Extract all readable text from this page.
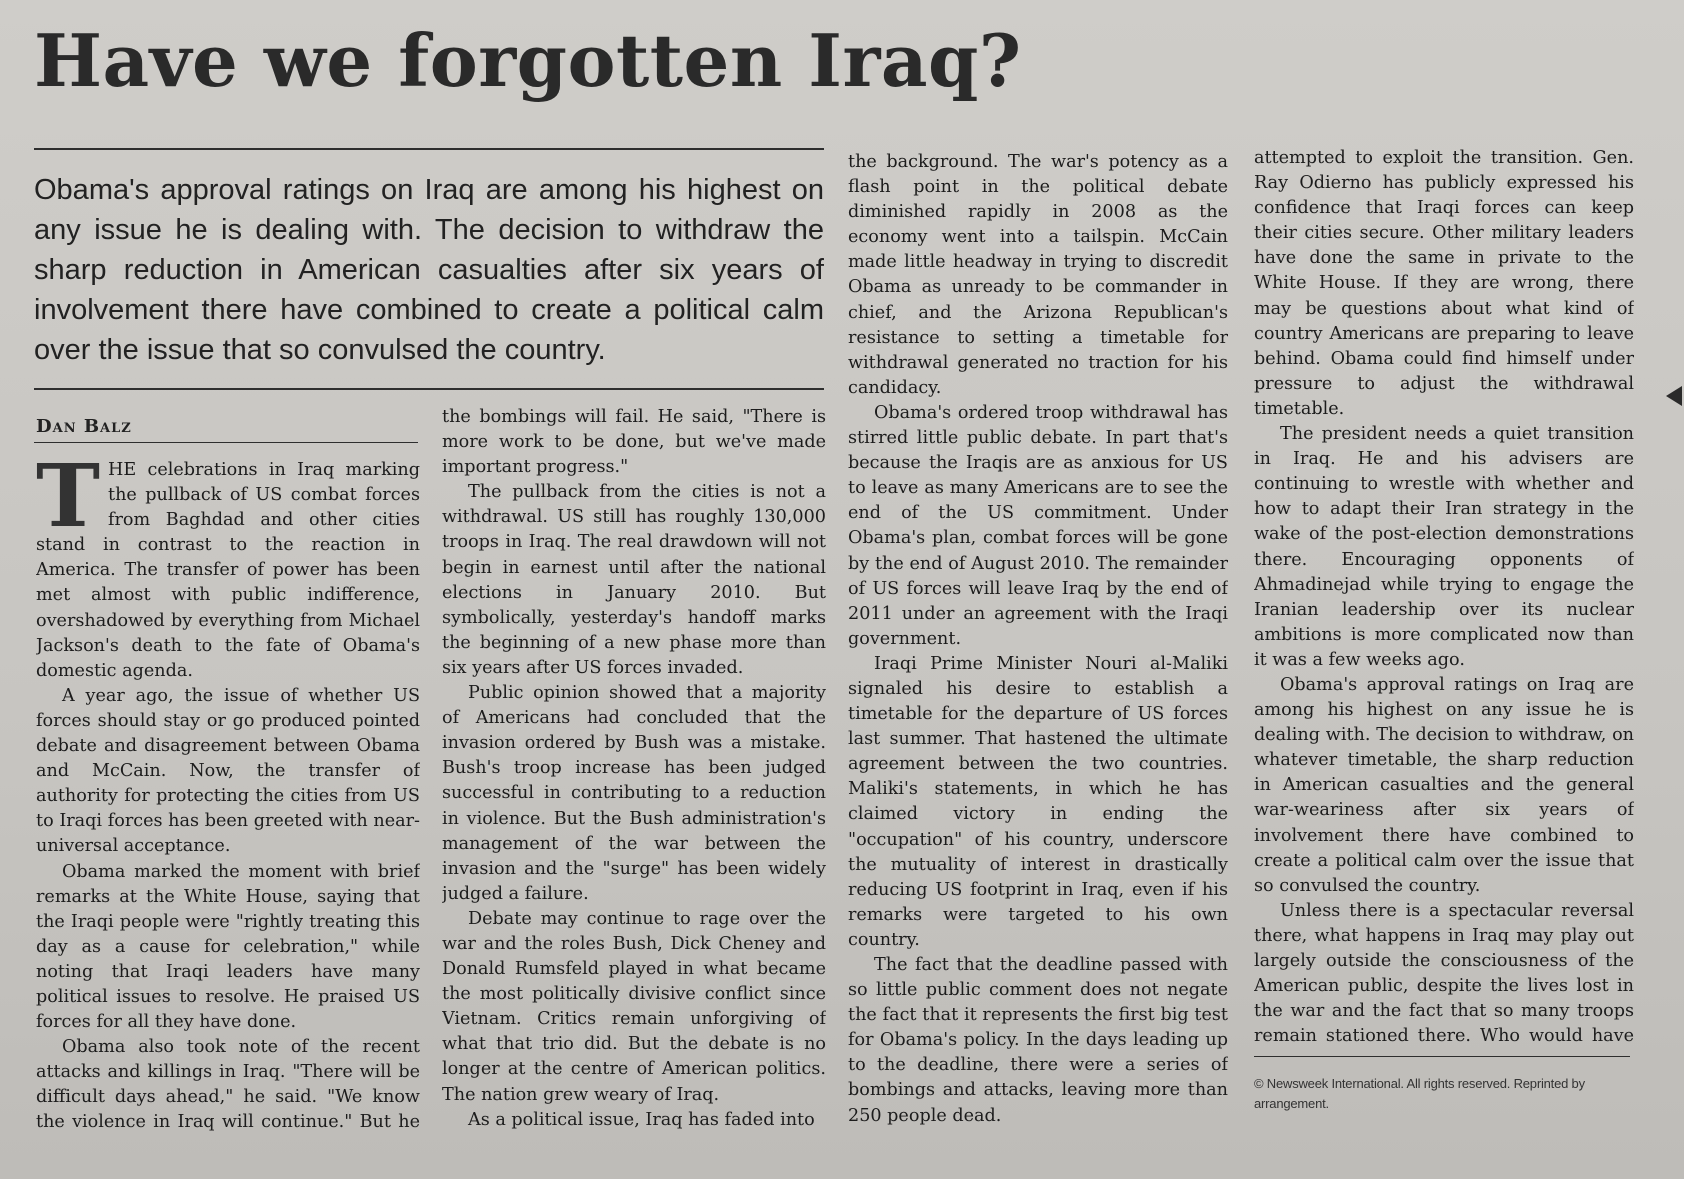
Have we forgotten Iraq?

Obama's approval ratings on Iraq are among his highest on any issue he is dealing with. The decision to withdraw the sharp reduction in American casualties after six years of involvement there have combined to create a political calm over the issue that so convulsed the country.

Dan Balz

THE celebrations in Iraq marking the pullback of US combat forces from Baghdad and other cities stand in contrast to the reaction in America. The transfer of power has been met almost with public indifference, overshadowed by everything from Michael Jackson's death to the fate of Obama's domestic agenda.

A year ago, the issue of whether US forces should stay or go produced pointed debate and disagreement between Obama and McCain. Now, the transfer of authority for protecting the cities from US to Iraqi forces has been greeted with near-universal acceptance.

Obama marked the moment with brief remarks at the White House, saying that the Iraqi people were "rightly treating this day as a cause for celebration," while noting that Iraqi leaders have many political issues to resolve. He praised US forces for all they have done.

Obama also took note of the recent attacks and killings in Iraq. "There will be difficult days ahead," he said. "We know the violence in Iraq will continue." But he

the bombings will fail. He said, "There is more work to be done, but we've made important progress."

The pullback from the cities is not a withdrawal. US still has roughly 130,000 troops in Iraq. The real drawdown will not begin in earnest until after the national elections in January 2010. But symbolically, yesterday's handoff marks the beginning of a new phase more than six years after US forces invaded.

Public opinion showed that a majority of Americans had concluded that the invasion ordered by Bush was a mistake. Bush's troop increase has been judged successful in contributing to a reduction in violence. But the Bush administration's management of the war between the invasion and the "surge" has been widely judged a failure.

Debate may continue to rage over the war and the roles Bush, Dick Cheney and Donald Rumsfeld played in what became the most politically divisive conflict since Vietnam. Critics remain unforgiving of what that trio did. But the debate is no longer at the centre of American politics. The nation grew weary of Iraq.

As a political issue, Iraq has faded into

the background. The war's potency as a flash point in the political debate diminished rapidly in 2008 as the economy went into a tailspin. McCain made little headway in trying to discredit Obama as unready to be commander in chief, and the Arizona Republican's resistance to setting a timetable for withdrawal generated no traction for his candidacy.

Obama's ordered troop withdrawal has stirred little public debate. In part that's because the Iraqis are as anxious for US to leave as many Americans are to see the end of the US commitment. Under Obama's plan, combat forces will be gone by the end of August 2010. The remainder of US forces will leave Iraq by the end of 2011 under an agreement with the Iraqi government.

Iraqi Prime Minister Nouri al-Maliki signaled his desire to establish a timetable for the departure of US forces last summer. That hastened the ultimate agreement between the two countries. Maliki's statements, in which he has claimed victory in ending the "occupation" of his country, underscore the mutuality of interest in drastically reducing US footprint in Iraq, even if his remarks were targeted to his own country.

The fact that the deadline passed with so little public comment does not negate the fact that it represents the first big test for Obama's policy. In the days leading up to the deadline, there were a series of bombings and attacks, leaving more than 250 people dead.

attempted to exploit the transition. Gen. Ray Odierno has publicly expressed his confidence that Iraqi forces can keep their cities secure. Other military leaders have done the same in private to the White House. If they are wrong, there may be questions about what kind of country Americans are preparing to leave behind. Obama could find himself under pressure to adjust the withdrawal timetable.

The president needs a quiet transition in Iraq. He and his advisers are continuing to wrestle with whether and how to adapt their Iran strategy in the wake of the post-election demonstrations there. Encouraging opponents of Ahmadinejad while trying to engage the Iranian leadership over its nuclear ambitions is more complicated now than it was a few weeks ago.

Obama's approval ratings on Iraq are among his highest on any issue he is dealing with. The decision to withdraw, on whatever timetable, the sharp reduction in American casualties and the general war-weariness after six years of involvement there have combined to create a political calm over the issue that so convulsed the country.

Unless there is a spectacular reversal there, what happens in Iraq may play out largely outside the consciousness of the American public, despite the lives lost in the war and the fact that so many troops remain stationed there. Who would have

© Newsweek International. All rights reserved. Reprinted by arrangement.
